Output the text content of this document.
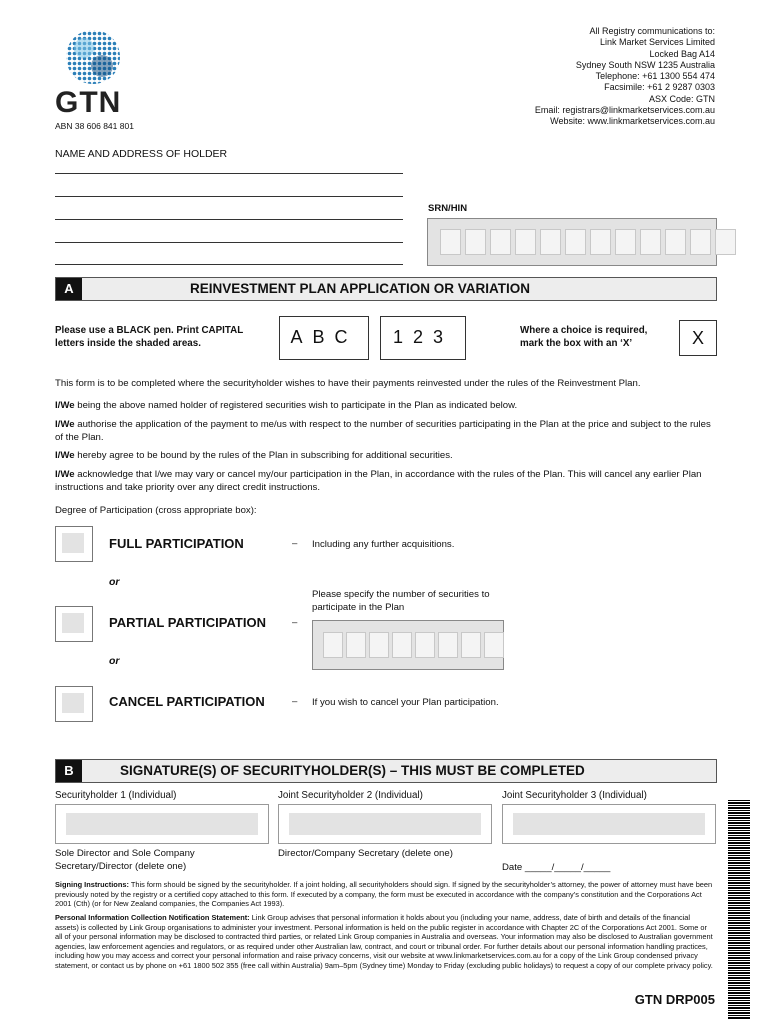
GTN
ABN 38 606 841 801
All Registry communications to:
Link Market Services Limited
Locked Bag A14
Sydney South NSW 1235 Australia
Telephone: +61 1300 554 474
Facsimile: +61 2 9287 0303
ASX Code: GTN
Email: registrars@linkmarketservices.com.au
Website: www.linkmarketservices.com.au
NAME AND ADDRESS OF HOLDER
SRN/HIN
A	REINVESTMENT PLAN APPLICATION OR VARIATION
Please use a BLACK pen. Print CAPITAL letters inside the shaded areas.	ABC	123	Where a choice is required, mark the box with an ‘X’	X
This form is to be completed where the securityholder wishes to have their payments reinvested under the rules of the Reinvestment Plan.
I/We being the above named holder of registered securities wish to participate in the Plan as indicated below.
I/We authorise the application of the payment to me/us with respect to the number of securities participating in the Plan at the price and subject to the rules of the Plan.
I/We hereby agree to be bound by the rules of the Plan in subscribing for additional securities.
I/We acknowledge that I/we may vary or cancel my/our participation in the Plan, in accordance with the rules of the Plan. This will cancel any earlier Plan instructions and take priority over any direct credit instructions.
Degree of Participation (cross appropriate box):
FULL PARTICIPATION	– Including any further acquisitions.
or
Please specify the number of securities to participate in the Plan
PARTIAL PARTICIPATION	–
or
CANCEL PARTICIPATION	– If you wish to cancel your Plan participation.
B	SIGNATURE(S) OF SECURITYHOLDER(S) – THIS MUST BE COMPLETED
Securityholder 1 (Individual)	Joint Securityholder 2 (Individual)	Joint Securityholder 3 (Individual)
Sole Director and Sole Company Secretary/Director (delete one)
Director/Company Secretary (delete one)
Date _____/_____/_____
Signing Instructions: This form should be signed by the securityholder. If a joint holding, all securityholders should sign. If signed by the securityholder’s attorney, the power of attorney must have been previously noted by the registry or a certified copy attached to this form. If executed by a company, the form must be executed in accordance with the company’s constitution and the Corporations Act 2001 (Cth) (or for New Zealand companies, the Companies Act 1993).
Personal Information Collection Notification Statement: Link Group advises that personal information it holds about you (including your name, address, date of birth and details of the financial assets) is collected by Link Group organisations to administer your investment. Personal information is held on the public register in accordance with Chapter 2C of the Corporations Act 2001. Some or all of your personal information may be disclosed to contracted third parties, or related Link Group companies in Australia and overseas. Your information may also be disclosed to Australian government agencies, law enforcement agencies and regulators, or as required under other Australian law, contract, and court or tribunal order. For further details about our personal information handling practices, including how you may access and correct your personal information and raise privacy concerns, visit our website at www.linkmarketservices.com.au for a copy of the Link Group condensed privacy statement, or contact us by phone on +61 1800 502 355 (free call within Australia) 9am–5pm (Sydney time) Monday to Friday (excluding public holidays) to request a copy of our complete privacy policy.
GTN DRP005
